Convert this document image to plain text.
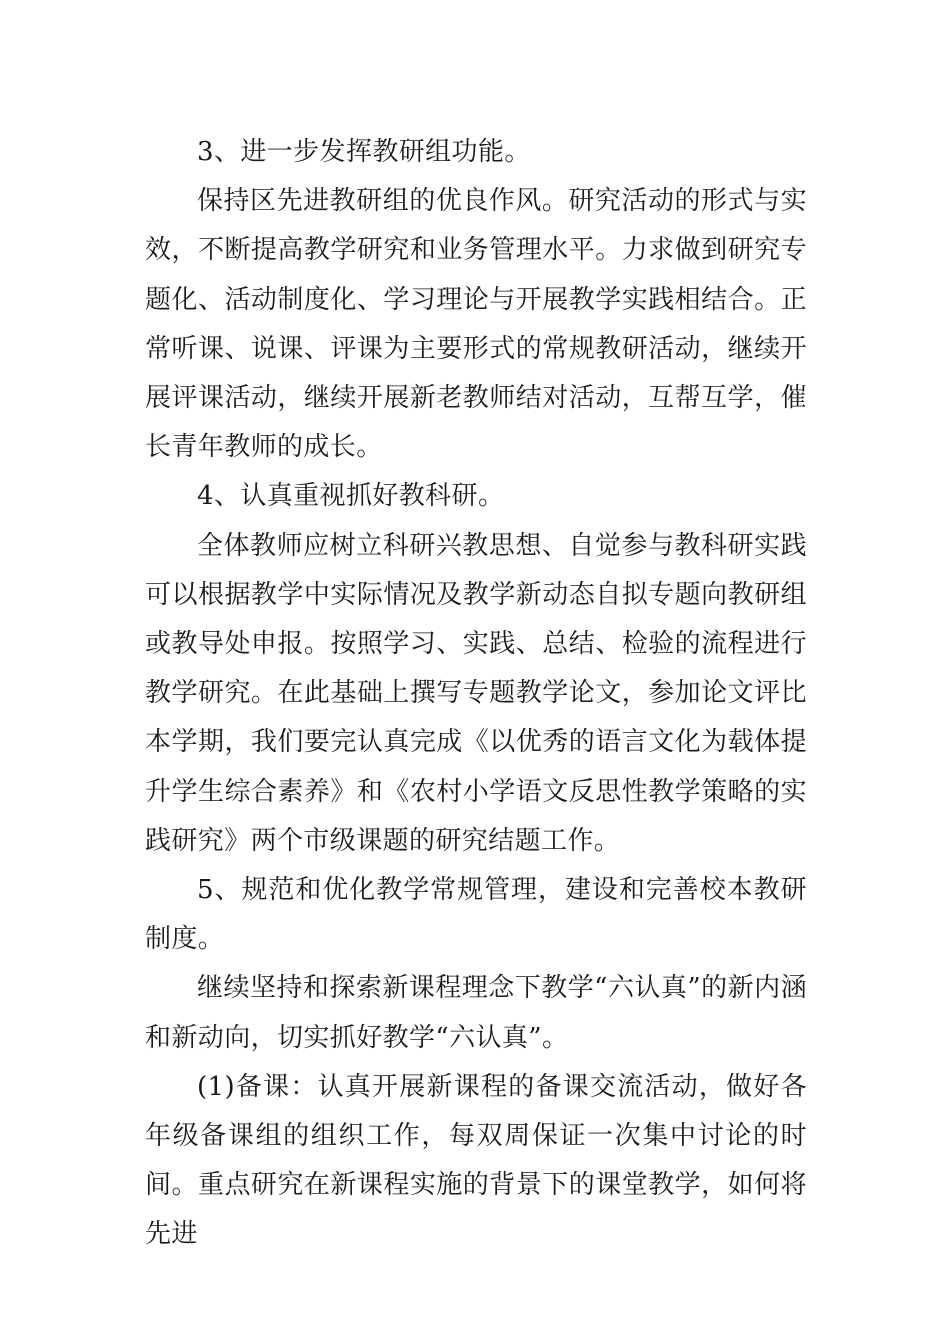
3、进一步发挥教研组功能。

保持区先进教研组的优良作风。研究活动的形式与实效，不断提高教学研究和业务管理水平。力求做到研究专题化、活动制度化、学习理论与开展教学实践相结合。正常听课、说课、评课为主要形式的常规教研活动，继续开展评课活动，继续开展新老教师结对活动，互帮互学，催长青年教师的成长。

4、认真重视抓好教科研。

全体教师应树立科研兴教思想、自觉参与教科研实践可以根据教学中实际情况及教学新动态自拟专题向教研组或教导处申报。按照学习、实践、总结、检验的流程进行教学研究。在此基础上撰写专题教学论文，参加论文评比本学期，我们要完认真完成《以优秀的语言文化为载体提升学生综合素养》和《农村小学语文反思性教学策略的实践研究》两个市级课题的研究结题工作。

5、规范和优化教学常规管理，建设和完善校本教研制度。

继续坚持和探索新课程理念下教学“六认真”的新内涵和新动向，切实抓好教学“六认真”。

(1)备课：认真开展新课程的备课交流活动，做好各年级备课组的组织工作，每双周保证一次集中讨论的时间。重点研究在新课程实施的背景下的课堂教学，如何将先进
